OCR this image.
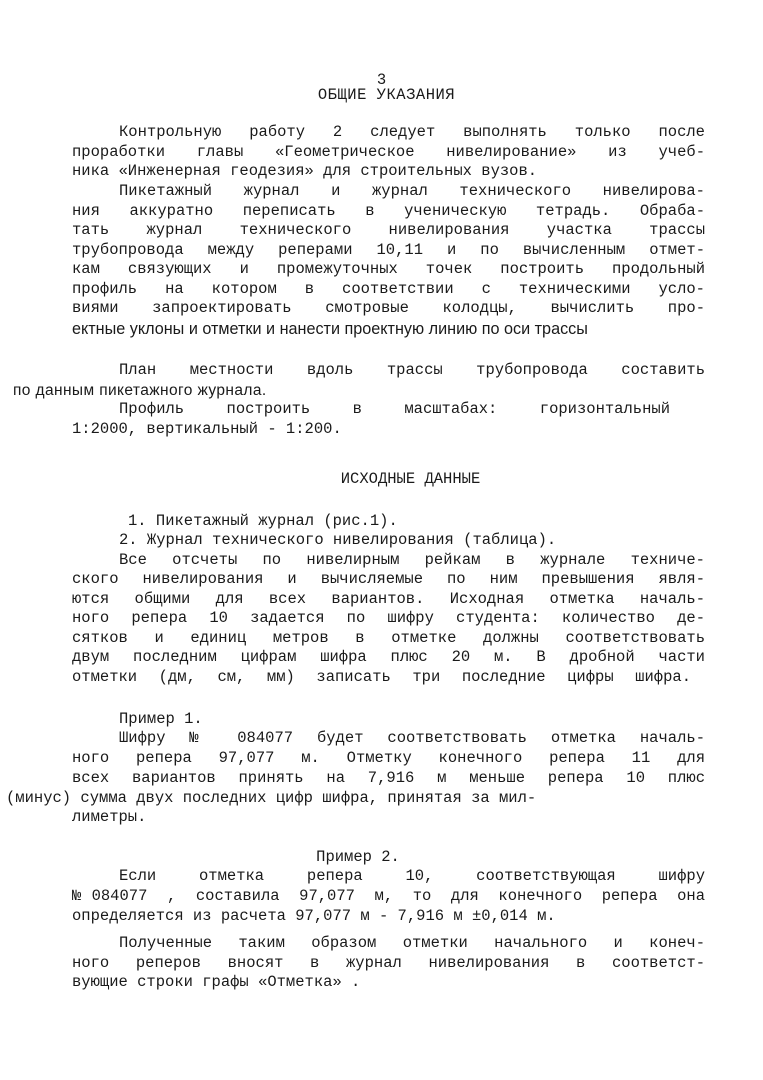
3
ОБЩИЕ УКАЗАНИЯ
Контрольную работу 2 следует выполнять только после
проработки главы «Геометрическое нивелирование» из учеб-
ника «Инженерная геодезия» для строительных вузов.
Пикетажный журнал и журнал технического нивелирова-
ния аккуратно переписать в ученическую тетрадь. Обраба-
тать журнал технического нивелирования участка трассы
трубопровода между реперами 10,11 и по вычисленным отмет-
кам связующих и промежуточных точек построить продольный
профиль на котором в соответствии с техническими усло-
виями запроектировать смотровые колодцы, вычислить про-
ектные уклоны и отметки и нанести проектную линию по оси трассы
План местности вдоль трассы трубопровода составить
по данным пикетажного журнала.
Профиль построить в масштабах: горизонтальный
1:2000, вертикальный - 1:200.
ИСХОДНЫЕ ДАННЫЕ
1. Пикетажный журнал (рис.1).
2. Журнал технического нивелирования (таблица).
Все отсчеты по нивелирным рейкам в журнале техниче-
ского нивелирования и вычисляемые по ним превышения явля-
ются общими для всех вариантов. Исходная отметка началь-
ного репера 10 задается по шифру студента: количество де-
сятков и единиц метров в отметке должны соответствовать
двум последним цифрам шифра плюс 20 м. В дробной части
отметки (дм, см, мм) записать три последние цифры шифра.
Пример 1.
Шифру № 084077 будет соответствовать отметка началь-
ного репера 97,077 м. Отметку конечного репера 11 для
всех вариантов принять на 7,916 м меньше репера 10 плюс
(минус) сумма двух последних цифр шифра, принятая за мил-
лиметры.
Пример 2.
Если отметка репера 10, соответствующая шифру
№084077 , составила 97,077 м, то для конечного репера она
определяется из расчета 97,077 м - 7,916 м ±0,014 м.
Полученные таким образом отметки начального и конеч-
ного реперов вносят в журнал нивелирования в соответст-
вующие строки графы «Отметка» .
